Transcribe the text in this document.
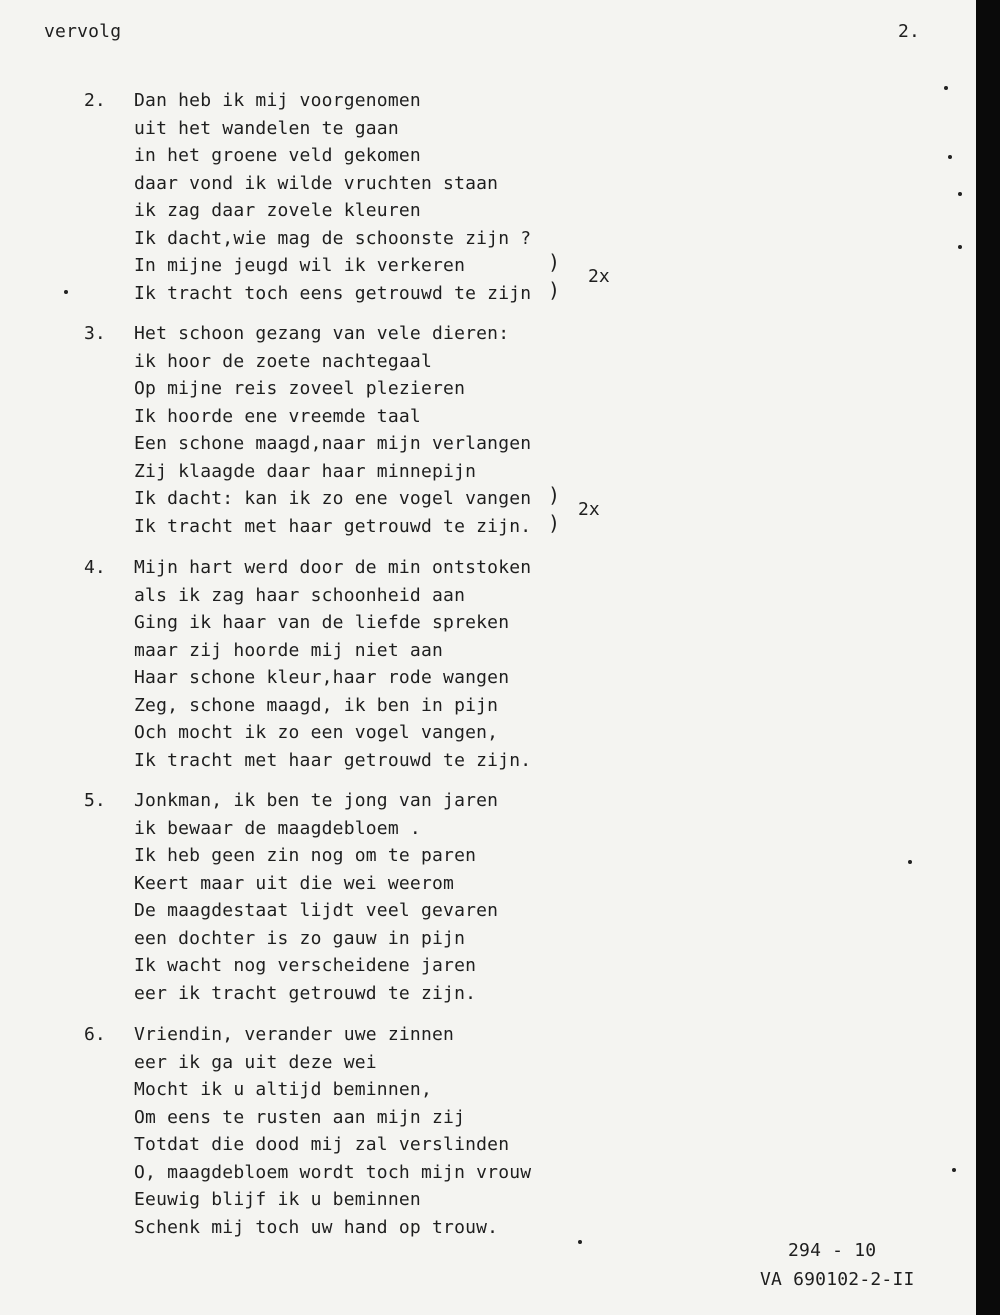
vervolg	2.
2. Dan heb ik mij voorgenomen
uit het wandelen te gaan
in het groene veld gekomen
daar vond ik wilde vruchten staan
ik zag daar zovele kleuren
Ik dacht,wie mag de schoonste zijn ?
In mijne jeugd wil ik verkeren
Ik tracht toch eens getrouwd te zijn
)
)
2x
3. Het schoon gezang van vele dieren:
ik hoor de zoete nachtegaal
Op mijne reis zoveel plezieren
Ik hoorde ene vreemde taal
Een schone maagd,naar mijn verlangen
Zij klaagde daar haar minnepijn
Ik dacht: kan ik zo ene vogel vangen
Ik tracht met haar getrouwd te zijn.
)
)
2x
4. Mijn hart werd door de min ontstoken
als ik zag haar schoonheid aan
Ging ik haar van de liefde spreken
maar zij hoorde mij niet aan
Haar schone kleur,haar rode wangen
Zeg, schone maagd, ik ben in pijn
Och mocht ik zo een vogel vangen,
Ik tracht met haar getrouwd te zijn.
5. Jonkman, ik ben te jong van jaren
ik bewaar de maagdebloem .
Ik heb geen zin nog om te paren
Keert maar uit die wei weerom
De maagdestaat lijdt veel gevaren
een dochter is zo gauw in pijn
Ik wacht nog verscheidene jaren
eer ik tracht getrouwd te zijn.
6. Vriendin, verander uwe zinnen
eer ik ga uit deze wei
Mocht ik u altijd beminnen,
Om eens te rusten aan mijn zij
Totdat die dood mij zal verslinden
O, maagdebloem wordt toch mijn vrouw
Eeuwig blijf ik u beminnen
Schenk mij toch uw hand op trouw.
294 - 10
VA 690102-2-II
